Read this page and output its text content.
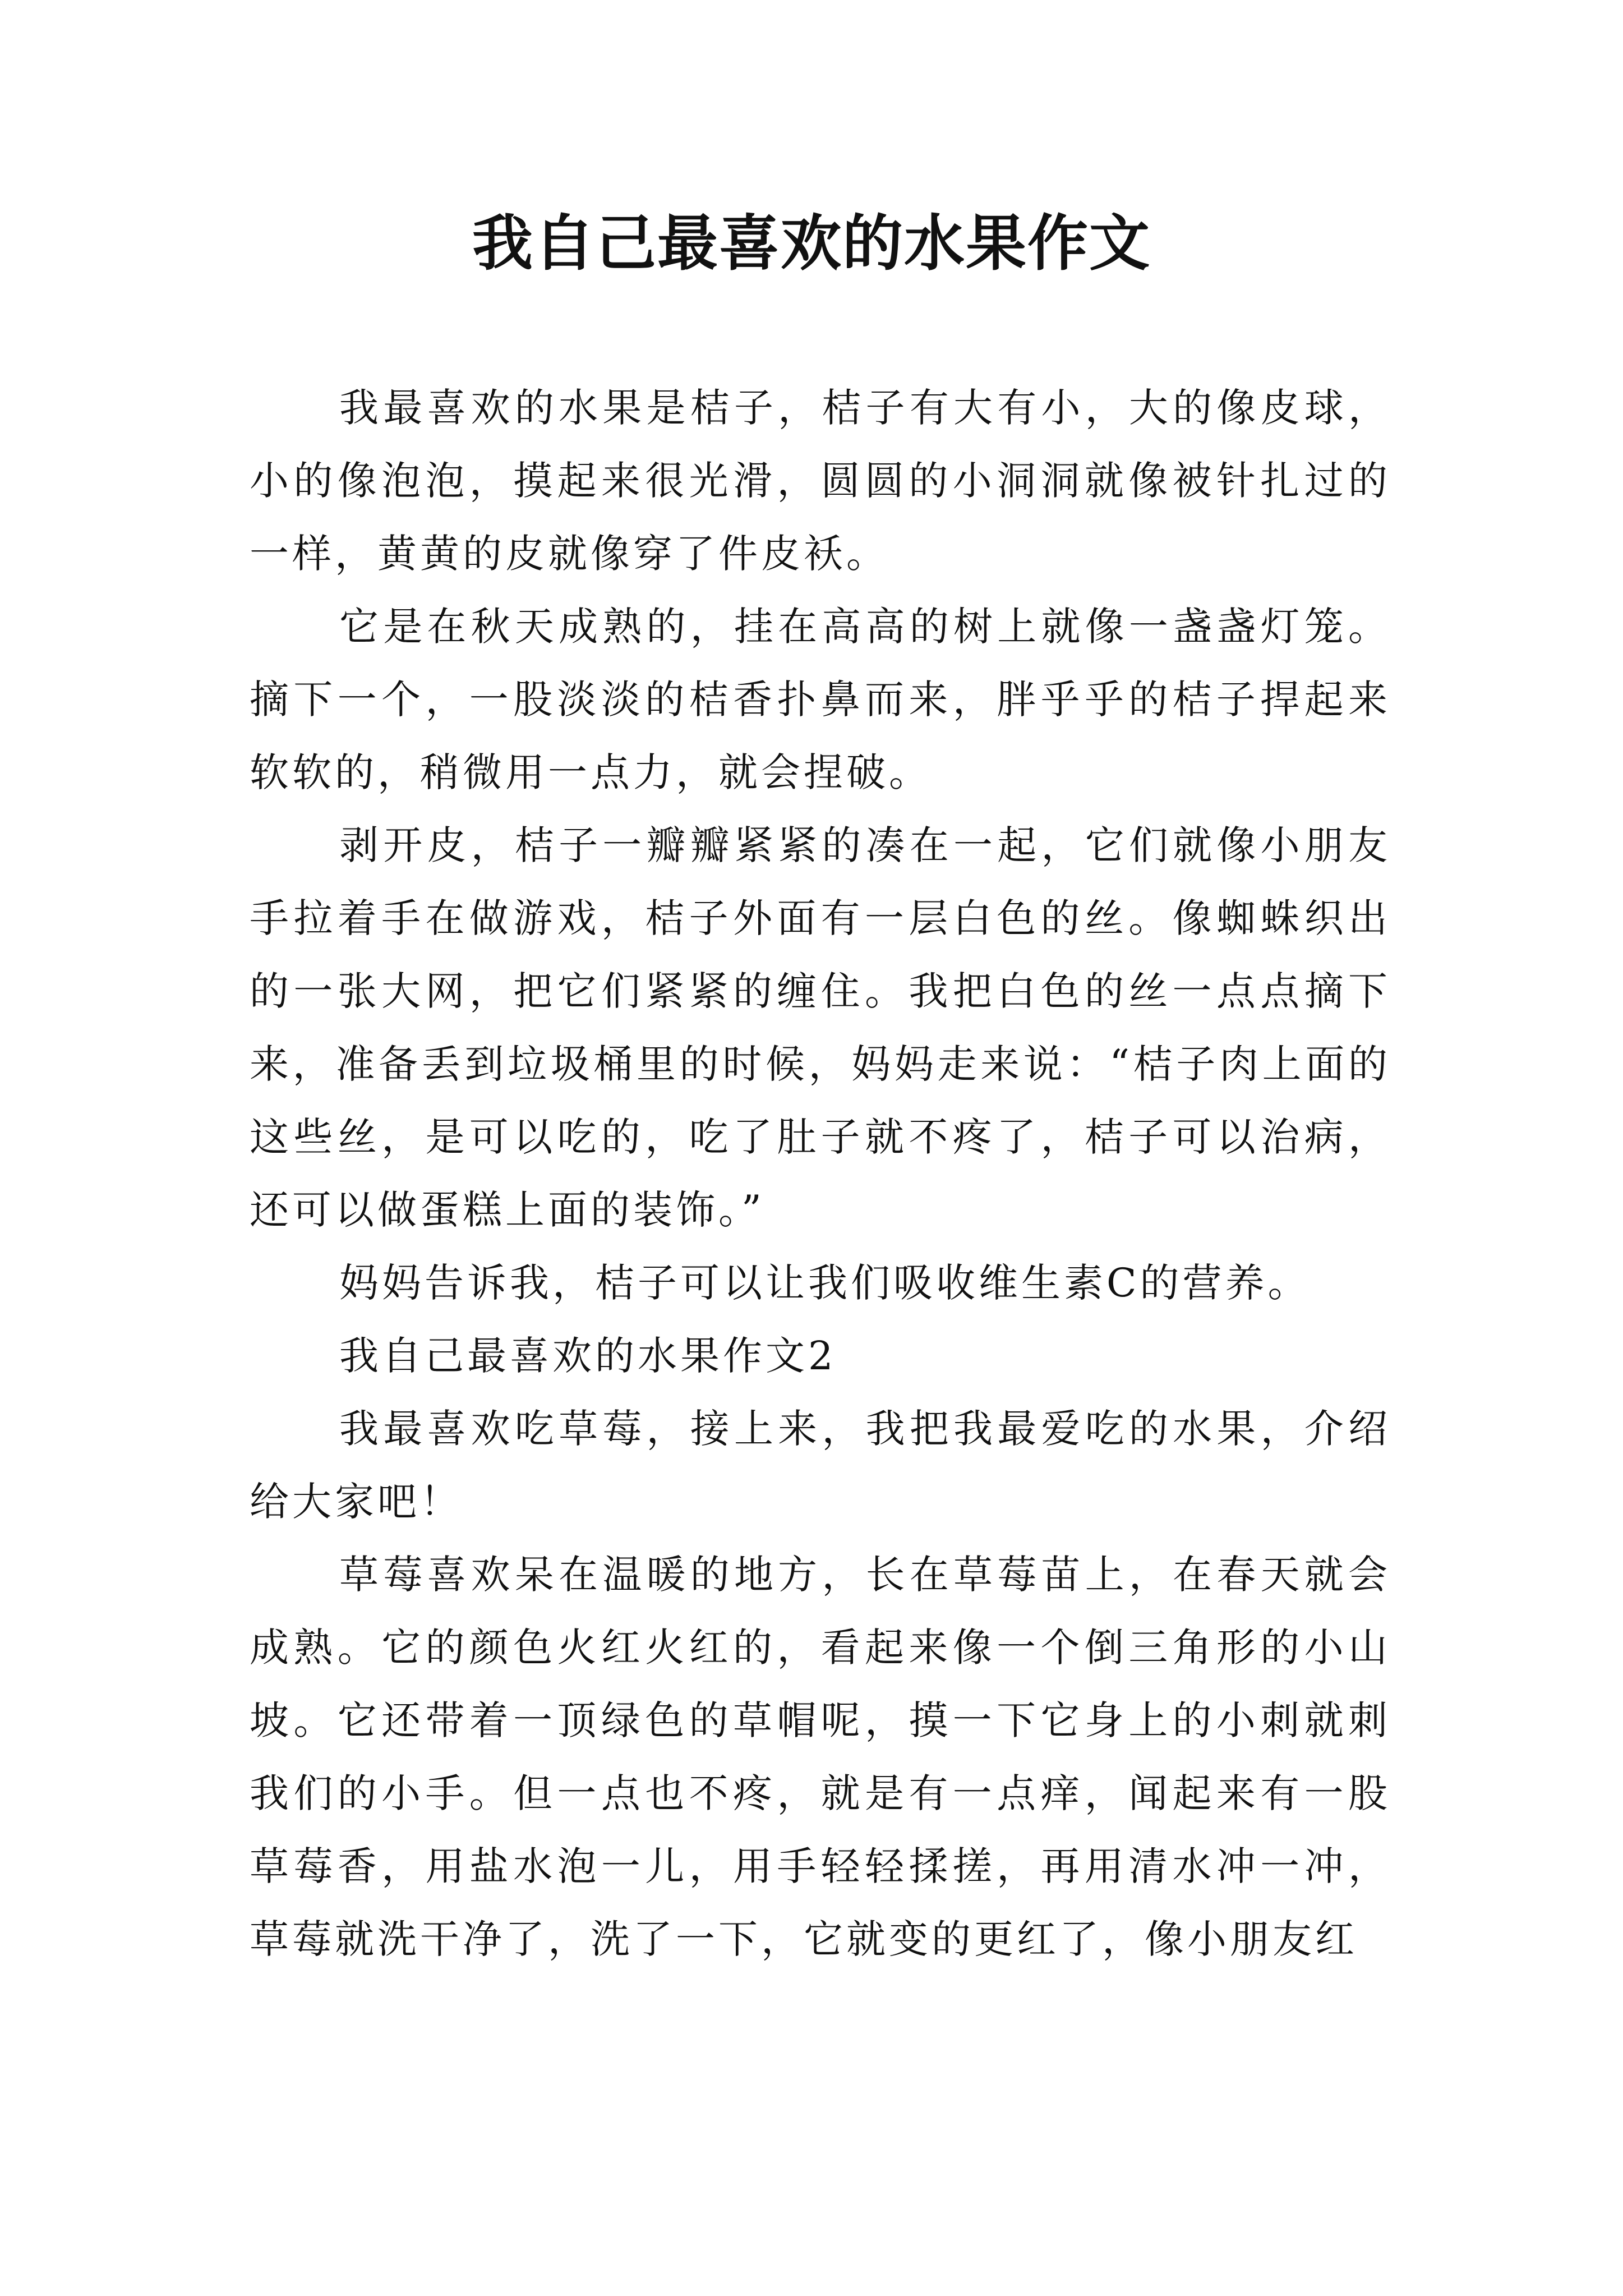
我自己最喜欢的水果作文

我最喜欢的水果是桔子，桔子有大有小，大的像皮球，小的像泡泡，摸起来很光滑，圆圆的小洞洞就像被针扎过的一样，黄黄的皮就像穿了件皮袄。

它是在秋天成熟的，挂在高高的树上就像一盏盏灯笼。摘下一个，一股淡淡的桔香扑鼻而来，胖乎乎的桔子捍起来软软的，稍微用一点力，就会捏破。

剥开皮，桔子一瓣瓣紧紧的凑在一起，它们就像小朋友手拉着手在做游戏，桔子外面有一层白色的丝。像蜘蛛织出的一张大网，把它们紧紧的缠住。我把白色的丝一点点摘下来，准备丢到垃圾桶里的时候，妈妈走来说：“桔子肉上面的这些丝，是可以吃的，吃了肚子就不疼了，桔子可以治病，还可以做蛋糕上面的装饰。”

妈妈告诉我，桔子可以让我们吸收维生素C的营养。

我自己最喜欢的水果作文2

我最喜欢吃草莓，接上来，我把我最爱吃的水果，介绍给大家吧！

草莓喜欢呆在温暖的地方，长在草莓苗上，在春天就会成熟。它的颜色火红火红的，看起来像一个倒三角形的小山坡。它还带着一顶绿色的草帽呢，摸一下它身上的小刺就刺我们的小手。但一点也不疼，就是有一点痒，闻起来有一股草莓香，用盐水泡一儿，用手轻轻揉搓，再用清水冲一冲，草莓就洗干净了，洗了一下，它就变的更红了，像小朋友红
